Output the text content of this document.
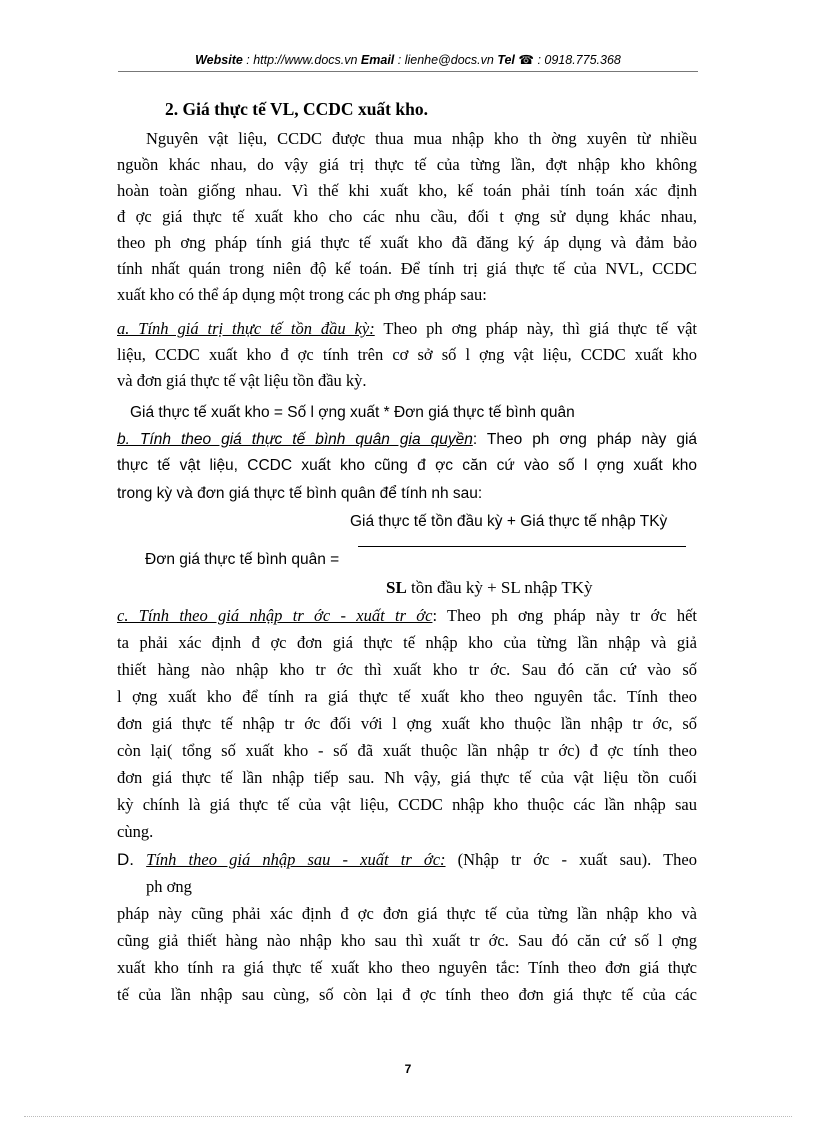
Website : http://www.docs.vn Email : lienhe@docs.vn Tel ☎ : 0918.775.368
2. Giá thực tế VL, CCDC xuất kho.
Nguyên vật liệu, CCDC được thua mua nhập kho th ờng xuyên từ nhiều
nguồn khác nhau, do vậy giá trị thực tế của từng lần, đợt nhập kho không
hoàn toàn giống nhau. Vì thế khi xuất kho, kế toán phải tính toán xác định
đ ợc giá thực tế xuất kho cho các nhu cầu, đối t ợng sử dụng khác nhau,
theo ph ơng pháp tính giá thực tế xuất kho đã đăng ký áp dụng và đảm bảo
tính nhất quán trong niên độ kế toán. Để tính trị giá thực tế của NVL, CCDC
xuất kho có thể áp dụng một trong các ph ơng pháp sau:
a. Tính giá trị thực tế tồn đầu kỳ: Theo ph ơng pháp này, thì giá thực tế vật
liệu, CCDC xuất kho đ ợc tính trên cơ sở số l ợng vật liệu, CCDC xuất kho
và đơn giá thực tế vật liệu tồn đầu kỳ.
Giá thực tế xuất kho = Số l ợng xuất * Đơn giá thực tế bình quân
b. Tính theo giá thực tế bình quân gia quyền: Theo ph ơng pháp này giá
thực tế vật liệu, CCDC xuất kho cũng đ ợc căn cứ vào số l ợng xuất kho
trong kỳ và đơn giá thực tế bình quân để tính nh sau:
Giá thực tế tồn đầu kỳ + Giá thực tế nhập TKỳ
Đơn giá thực tế bình quân =
SL tồn đầu kỳ + SL nhập TKỳ
c. Tính theo giá nhập tr ớc - xuất tr ớc: Theo ph ơng pháp này tr ớc hết
ta phải xác định đ ợc đơn giá thực tế nhập kho của từng lần nhập và giả
thiết hàng nào nhập kho tr ớc thì xuất kho tr ớc. Sau đó căn cứ vào số
l ợng xuất kho để tính ra giá thực tế xuất kho theo nguyên tắc. Tính theo
đơn giá thực tế nhập tr ớc đối với l ợng xuất kho thuộc lần nhập tr ớc, số
còn lại( tổng số xuất kho - số đã xuất thuộc lần nhập tr ớc) đ ợc tính theo
đơn giá thực tế lần nhập tiếp sau. Nh vậy, giá thực tế của vật liệu tồn cuối
kỳ chính là giá thực tế của vật liệu, CCDC nhập kho thuộc các lần nhập sau
cùng.
D. Tính theo giá nhập sau - xuất tr ớc: (Nhập tr ớc - xuất sau). Theo
ph ơng
pháp này cũng phải xác định đ ợc đơn giá thực tế của từng lần nhập kho và
cũng giả thiết hàng nào nhập kho sau thì xuất tr ớc. Sau đó căn cứ số l ợng
xuất kho tính ra giá thực tế xuất kho theo nguyên tắc: Tính theo đơn giá thực
tế của lần nhập sau cùng, số còn lại đ ợc tính theo đơn giá thực tế của các
7
